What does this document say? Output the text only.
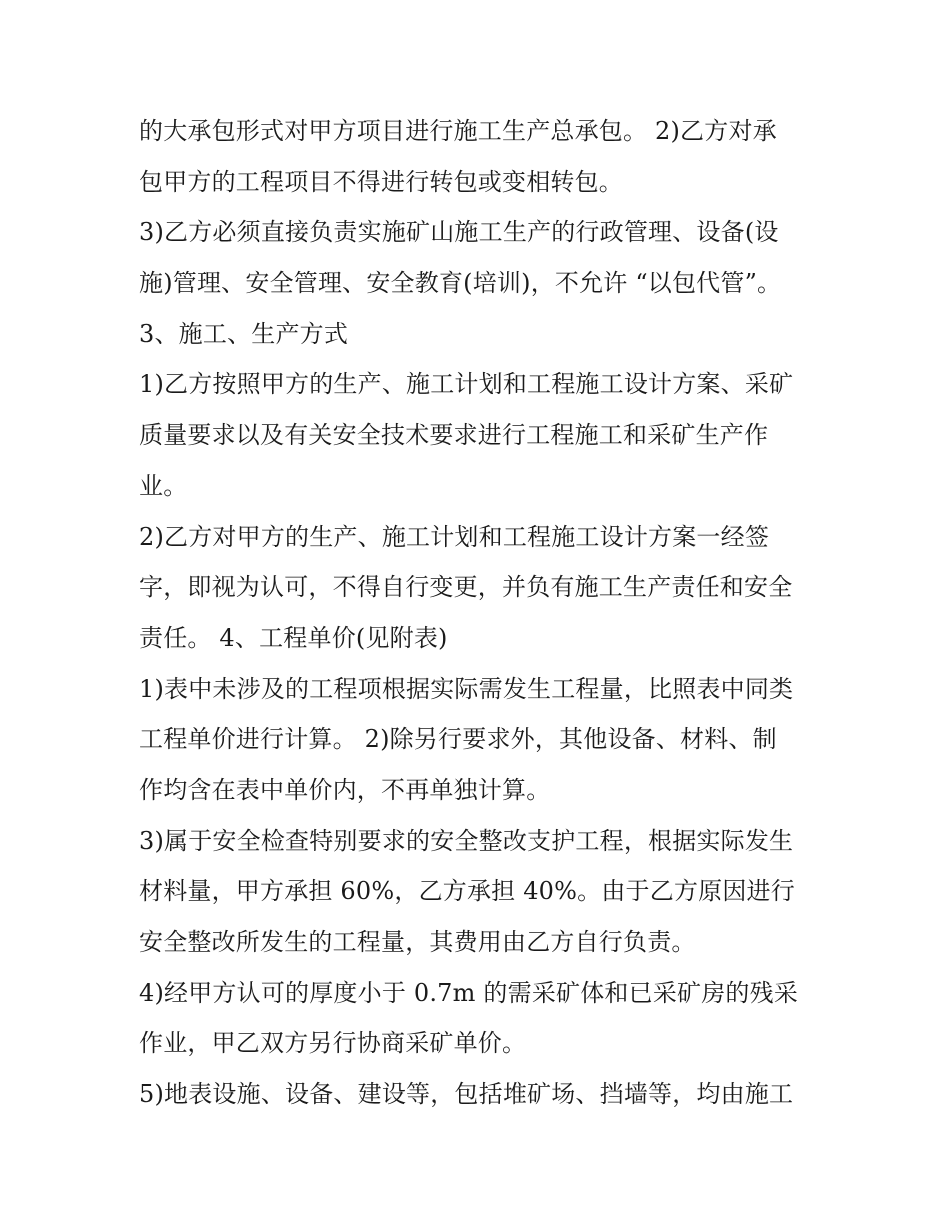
的大承包形式对甲方项目进行施工生产总承包。 2)乙方对承
包甲方的工程项目不得进行转包或变相转包。
3)乙方必须直接负责实施矿山施工生产的行政管理、设备(设
施)管理、安全管理、安全教育(培训)，不允许 “以包代管”。
3、施工、生产方式
1)乙方按照甲方的生产、施工计划和工程施工设计方案、采矿
质量要求以及有关安全技术要求进行工程施工和采矿生产作
业。
2)乙方对甲方的生产、施工计划和工程施工设计方案一经签
字，即视为认可，不得自行变更，并负有施工生产责任和安全
责任。 4、工程单价(见附表)
1)表中未涉及的工程项根据实际需发生工程量，比照表中同类
工程单价进行计算。 2)除另行要求外，其他设备、材料、制
作均含在表中单价内，不再单独计算。
3)属于安全检查特别要求的安全整改支护工程，根据实际发生
材料量，甲方承担 60%，乙方承担 40%。由于乙方原因进行
安全整改所发生的工程量，其费用由乙方自行负责。
4)经甲方认可的厚度小于 0.7m 的需采矿体和已采矿房的残采
作业，甲乙双方另行协商采矿单价。
5)地表设施、设备、建设等，包括堆矿场、挡墙等，均由施工
